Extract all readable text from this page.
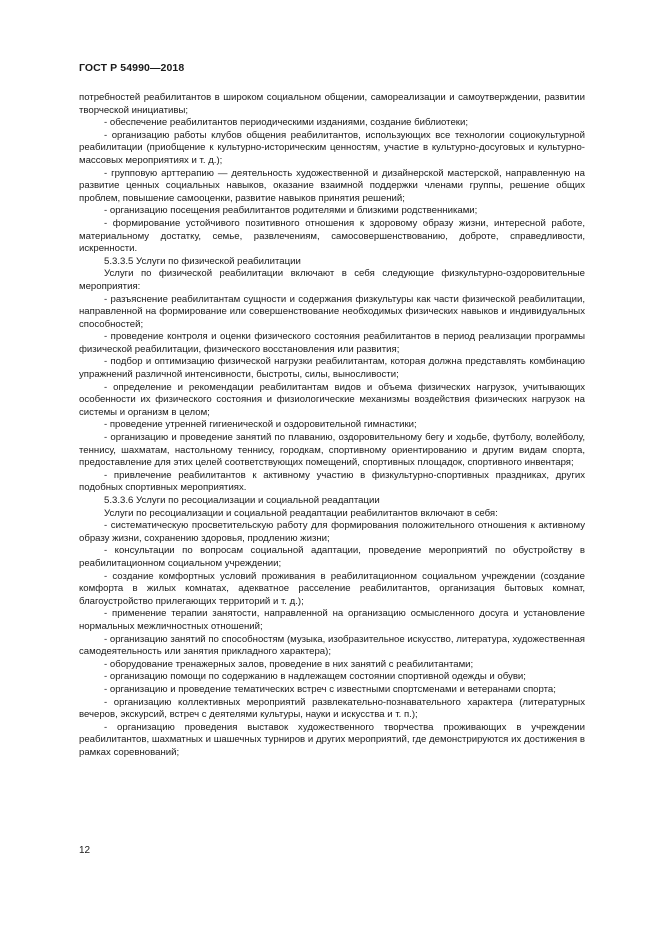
ГОСТ Р 54990—2018

потребностей реабилитантов в широком социальном общении, самореализации и самоутверждении, развитии творческой инициативы;

- обеспечение реабилитантов периодическими изданиями, создание библиотеки;

- организацию работы клубов общения реабилитантов, использующих все технологии социокультурной реабилитации (приобщение к культурно-историческим ценностям, участие в культурно-досуговых и культурно-массовых мероприятиях и т. д.);

- групповую арттерапию — деятельность художественной и дизайнерской мастерской, направленную на развитие ценных социальных навыков, оказание взаимной поддержки членами группы, решение общих проблем, повышение самооценки, развитие навыков принятия решений;

- организацию посещения реабилитантов родителями и близкими родственниками;

- формирование устойчивого позитивного отношения к здоровому образу жизни, интересной работе, материальному достатку, семье, развлечениям, самосовершенствованию, доброте, справедливости, искренности.

5.3.3.5 Услуги по физической реабилитации

Услуги по физической реабилитации включают в себя следующие физкультурно-оздоровительные мероприятия:

- разъяснение реабилитантам сущности и содержания физкультуры как части физической реабилитации, направленной на формирование или совершенствование необходимых физических навыков и индивидуальных способностей;

- проведение контроля и оценки физического состояния реабилитантов в период реализации программы физической реабилитации, физического восстановления или развития;

- подбор и оптимизацию физической нагрузки реабилитантам, которая должна представлять комбинацию упражнений различной интенсивности, быстроты, силы, выносливости;

- определение и рекомендации реабилитантам видов и объема физических нагрузок, учитывающих особенности их физического состояния и физиологические механизмы воздействия физических нагрузок на системы и организм в целом;

- проведение утренней гигиенической и оздоровительной гимнастики;

- организацию и проведение занятий по плаванию, оздоровительному бегу и ходьбе, футболу, волейболу, теннису, шахматам, настольному теннису, городкам, спортивному ориентированию и другим видам спорта, предоставление для этих целей соответствующих помещений, спортивных площадок, спортивного инвентаря;

- привлечение реабилитантов к активному участию в физкультурно-спортивных праздниках, других подобных спортивных мероприятиях.

5.3.3.6 Услуги по ресоциализации и социальной реадаптации

Услуги по ресоциализации и социальной реадаптации реабилитантов включают в себя:

- систематическую просветительскую работу для формирования положительного отношения к активному образу жизни, сохранению здоровья, продлению жизни;

- консультации по вопросам социальной адаптации, проведение мероприятий по обустройству в реабилитационном социальном учреждении;

- создание комфортных условий проживания в реабилитационном социальном учреждении (создание комфорта в жилых комнатах, адекватное расселение реабилитантов, организация бытовых комнат, благоустройство прилегающих территорий и т. д.);

- применение терапии занятости, направленной на организацию осмысленного досуга и установление нормальных межличностных отношений;

- организацию занятий по способностям (музыка, изобразительное искусство, литература, художественная самодеятельность или занятия прикладного характера);

- оборудование тренажерных залов, проведение в них занятий с реабилитантами;

- организацию помощи по содержанию в надлежащем состоянии спортивной одежды и обуви;

- организацию и проведение тематических встреч с известными спортсменами и ветеранами спорта;

- организацию коллективных мероприятий развлекательно-познавательного характера (литературных вечеров, экскурсий, встреч с деятелями культуры, науки и искусства и т. п.);

- организацию проведения выставок художественного творчества проживающих в учреждении реабилитантов, шахматных и шашечных турниров и других мероприятий, где демонстрируются их достижения в рамках соревнований;

12
